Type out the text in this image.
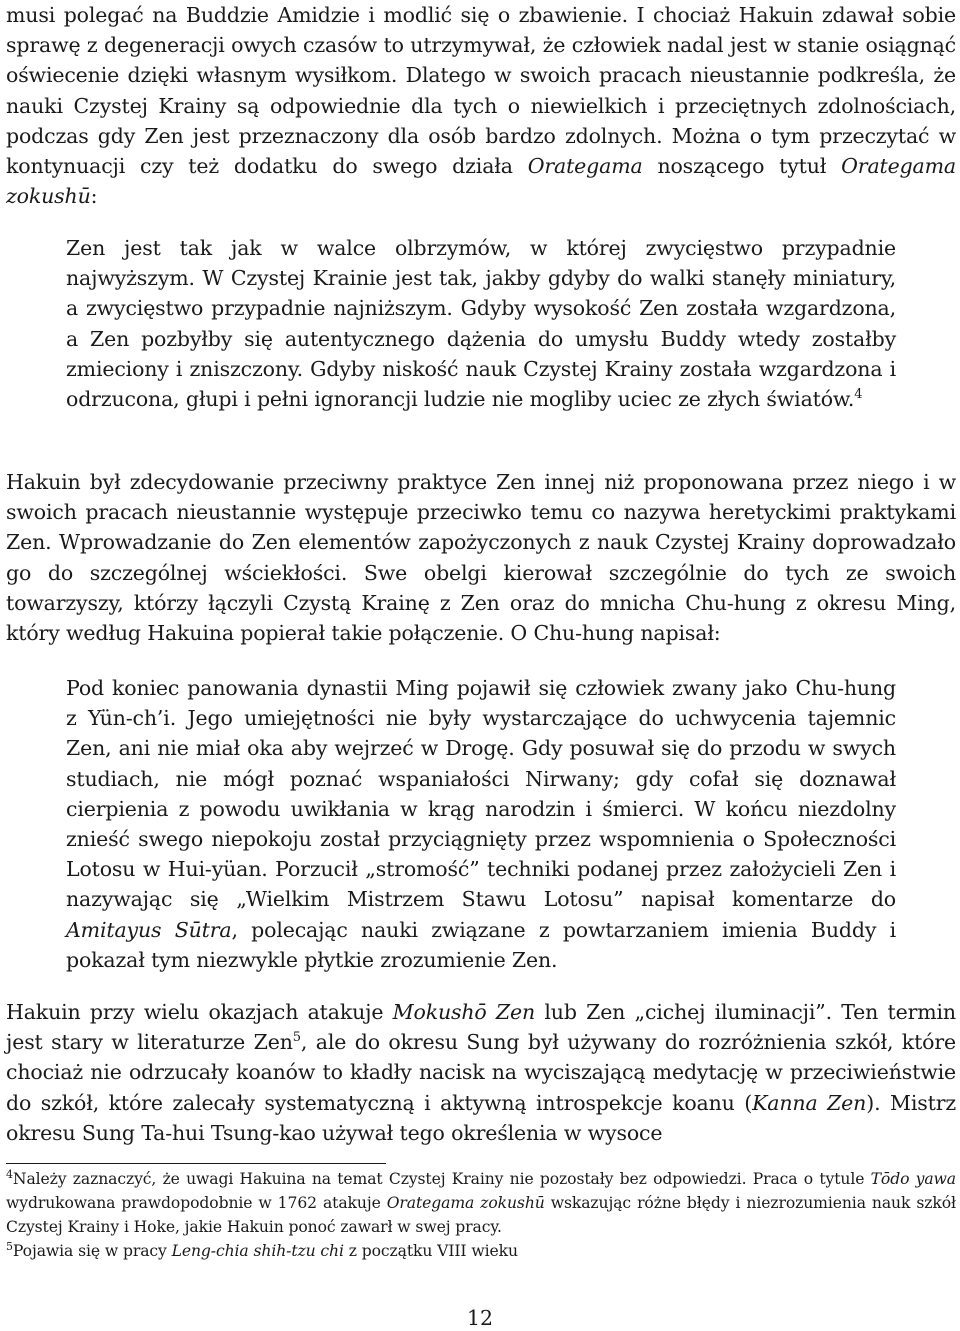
musi polegać na Buddzie Amidzie i modlić się o zbawienie. I chociaż Hakuin zdawał sobie sprawę z degeneracji owych czasów to utrzymywał, że człowiek nadal jest w stanie osiągnąć oświecenie dzięki własnym wysiłkom. Dlatego w swoich pracach nieustannie podkreśla, że nauki Czystej Krainy są odpowiednie dla tych o niewielkich i przeciętnych zdolnościach, podczas gdy Zen jest przeznaczony dla osób bardzo zdolnych. Można o tym przeczytać w kontynuacji czy też dodatku do swego działa Orategama noszącego tytuł Orategama zokushū:

Zen jest tak jak w walce olbrzymów, w której zwycięstwo przypadnie najwyższym. W Czystej Krainie jest tak, jakby gdyby do walki stanęły miniatury, a zwycięstwo przypadnie najniższym. Gdyby wysokość Zen została wzgardzona, a Zen pozbyłby się autentycznego dążenia do umysłu Buddy wtedy zostałby zmieciony i zniszczony. Gdyby niskość nauk Czystej Krainy została wzgardzona i odrzucona, głupi i pełni ignorancji ludzie nie mogliby uciec ze złych światów.$^4$

Hakuin był zdecydowanie przeciwny praktyce Zen innej niż proponowana przez niego i w swoich pracach nieustannie występuje przeciwko temu co nazywa heretyckimi praktykami Zen. Wprowadzanie do Zen elementów zapożyczonych z nauk Czystej Krainy doprowadzało go do szczególnej wściekłości. Swe obelgi kierował szczególnie do tych ze swoich towarzyszy, którzy łączyli Czystą Krainę z Zen oraz do mnicha Chu-hung z okresu Ming, który według Hakuina popierał takie połączenie. O Chu-hung napisał:

Pod koniec panowania dynastii Ming pojawił się człowiek zwany jako Chu-hung z Yün-ch’i. Jego umiejętności nie były wystarczające do uchwycenia tajemnic Zen, ani nie miał oka aby wejrzeć w Drogę. Gdy posuwał się do przodu w swych studiach, nie mógł poznać wspaniałości Nirwany; gdy cofał się doznawał cierpienia z powodu uwikłania w krąg narodzin i śmierci. W końcu niezdolny znieść swego niepokoju został przyciągnięty przez wspomnienia o Społeczności Lotosu w Hui-yüan. Porzucił „stromość” techniki podanej przez założycieli Zen i nazywając się „Wielkim Mistrzem Stawu Lotosu” napisał komentarze do Amitayus Sūtra, polecając nauki związane z powtarzaniem imienia Buddy i pokazał tym niezwykle płytkie zrozumienie Zen.

Hakuin przy wielu okazjach atakuje Mokushō Zen lub Zen „cichej iluminacji”. Ten termin jest stary w literaturze Zen$^5$, ale do okresu Sung był używany do rozróżnienia szkół, które chociaż nie odrzucały koanów to kładły nacisk na wyciszającą medytację w przeciwieństwie do szkół, które zalecały systematyczną i aktywną introspekcje koanu (Kanna Zen). Mistrz okresu Sung Ta-hui Tsung-kao używał tego określenia w wysoce

$^4$Należy zaznaczyć, że uwagi Hakuina na temat Czystej Krainy nie pozostały bez odpowiedzi. Praca o tytule Tōdo yawa wydrukowana prawdopodobnie w 1762 atakuje Orategama zokushū wskazując różne błędy i niezrozumienia nauk szkół Czystej Krainy i Hoke, jakie Hakuin ponoć zawarł w swej pracy.

$^5$Pojawia się w pracy Leng-chia shih-tzu chi z początku VIII wieku

12
